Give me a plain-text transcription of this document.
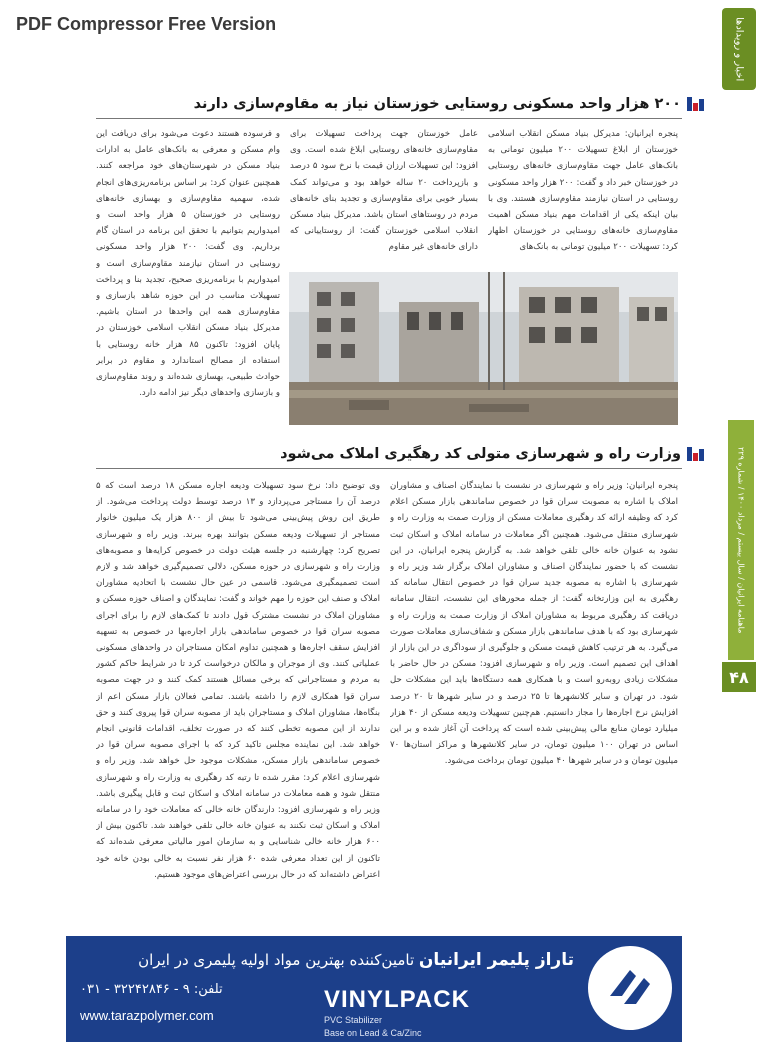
PDF Compressor Free Version	اخبار و رویدادها
ماهنامه ایرانیان / سال بیستم / مرداد ۱۴۰۰ / شماره ۲۲۹
۴۸
۲۰۰ هزار واحد مسکونی روستایی خوزستان نیاز به مقاوم‌سازی دارند

پنجره ایرانیان: مدیرکل بنیاد مسکن انقلاب اسلامی خوزستان از ابلاغ تسهیلات ۲۰۰ میلیون تومانی به بانک‌های عامل جهت مقاوم‌سازی خانه‌های روستایی در خوزستان خبر داد و گفت: ۲۰۰ هزار واحد مسکونی روستایی در استان نیازمند مقاوم‌سازی هستند. وی با بیان اینکه یکی از اقدامات مهم بنیاد مسکن اهمیت مقاوم‌سازی خانه‌های روستایی در خوزستان اظهار کرد: تسهیلات ۲۰۰ میلیون تومانی به بانک‌های

عامل خوزستان جهت پرداخت تسهیلات برای مقاوم‌سازی خانه‌های روستایی ابلاغ شده است. وی افزود: این تسهیلات ارزان قیمت با نرخ سود ۵ درصد و بازپرداخت ۲۰ ساله خواهد بود و می‌تواند کمک بسیار خوبی برای مقاوم‌سازی و تجدید بنای خانه‌های مردم در روستاهای استان باشد. مدیرکل بنیاد مسکن انقلاب اسلامی خوزستان گفت: از روستاییانی که دارای خانه‌های غیر مقاوم

و فرسوده هستند دعوت می‌شود برای دریافت این وام مسکن و معرفی به بانک‌های عامل به ادارات بنیاد مسکن در شهرستان‌های خود مراجعه کنند. همچنین عنوان کرد: بر اساس برنامه‌ریزی‌های انجام شده، سهمیه مقاوم‌سازی و بهسازی خانه‌های روستایی در خوزستان ۵ هزار واحد است و امیدواریم بتوانیم با تحقق این برنامه در استان گام برداریم. وی گفت: ۲۰۰ هزار واحد مسکونی روستایی در استان نیازمند مقاوم‌سازی است و امیدواریم با برنامه‌ریزی صحیح، تجدید بنا و پرداخت تسهیلات مناسب در این حوزه شاهد بازسازی و مقاوم‌سازی همه این واحدها در استان باشیم. مدیرکل بنیاد مسکن انقلاب اسلامی خوزستان در پایان افزود: تاکنون ۸۵ هزار خانه روستایی با استفاده از مصالح استاندارد و مقاوم در برابر حوادث طبیعی، بهسازی شده‌اند و روند مقاوم‌سازی و بازسازی واحدهای دیگر نیز ادامه دارد.

وزارت راه و شهرسازی متولی کد رهگیری املاک می‌شود

پنجره ایرانیان: وزیر راه و شهرسازی در نشست با نمایندگان اصناف و مشاوران املاک با اشاره به مصوبت سران قوا در خصوص ساماندهی بازار مسکن اعلام کرد که وظیفه ارائه کد رهگیری معاملات مسکن از وزارت صمت به وزارت راه و شهرسازی منتقل می‌شود. همچنین اگر معاملات در سامانه املاک و اسکان ثبت نشود به عنوان خانه خالی تلقی خواهد شد. به گزارش پنجره ایرانیان، در این نشست که با حضور نمایندگان اصناف و مشاوران املاک برگزار شد وزیر راه و شهرسازی با اشاره به مصوبه جدید سران قوا در خصوص انتقال سامانه کد رهگیری به این وزارتخانه گفت: از جمله محورهای این نشست، انتقال سامانه دریافت کد رهگیری مربوط به مشاوران املاک از وزارت صمت به وزارت راه و شهرسازی بود که با هدف ساماندهی بازار مسکن و شفاف‌سازی معاملات صورت می‌گیرد. به هر ترتیب کاهش قیمت مسکن و جلوگیری از سوداگری در این بازار از اهداف این تصمیم است. وزیر راه و شهرسازی افزود: مسکن در حال حاضر با مشکلات زیادی روبه‌رو است و با همکاری همه دستگاه‌ها باید این مشکلات حل شود. در تهران و سایر کلانشهرها تا ۲۵ درصد و در سایر شهرها تا ۲۰ درصد افزایش نرخ اجاره‌ها را مجاز دانستیم. هم‌چنین تسهیلات ودیعه مسکن از ۴۰ هزار میلیارد تومان منابع مالی پیش‌بینی شده است که پرداخت آن آغاز شده و بر این اساس در تهران ۱۰۰ میلیون تومان، در سایر کلانشهرها و مراکز استان‌ها ۷۰ میلیون تومان و در سایر شهرها ۴۰ میلیون تومان برداخت می‌شود.

وی توضیح داد: نرخ سود تسهیلات ودیعه اجاره مسکن ۱۸ درصد است که ۵ درصد آن را مستاجر می‌پردازد و ۱۳ درصد توسط دولت پرداخت می‌شود. از طریق این روش پیش‌بینی می‌شود تا بیش از ۸۰۰ هزار یک میلیون خانوار مستاجر از تسهیلات ودیعه مسکن بتوانند بهره ببرند. وزیر راه و شهرسازی تصریح کرد: چهارشنبه در جلسه هیئت دولت در خصوص کرایه‌ها و مصوبه‌های وزارت راه و شهرسازی در حوزه مسکن، دلالی تصمیم‌گیری خواهد شد و لازم است تصمیمگیری می‌شود. قاسمی در عین حال نشست با اتحادیه مشاوران املاک و صنف این حوزه را مهم خواند و گفت: نمایندگان و اصناف حوزه مسکن و مشاوران املاک در نشست مشترک قول دادند تا کمک‌های لازم را برای اجرای مصوبه سران قوا در خصوص ساماندهی بازار اجاره‌بها در خصوص به تسهیه افزایش سقف اجاره‌ها و همچنین تداوم امکان مستاجران در واحدهای مسکونی عملیاتی کنند. وی از موجران و مالکان درخواست کرد تا در شرایط حاکم کشور به مردم و مستاجرانی که برخی مسائل هستند کمک کنند و در جهت مصوبه سران قوا همکاری لازم را داشته باشند. تمامی فعالان بازار مسکن اعم از بنگاه‌ها، مشاوران املاک و مستاجران باید از مصوبه سران قوا پیروی کنند و حق ندارند از این مصوبه تخطی کنند که در صورت تخلف، اقدامات قانونی انجام خواهد شد. این نماینده مجلس تاکید کرد که با اجرای مصوبه سران قوا در خصوص ساماندهی بازار مسکن، مشکلات موجود حل خواهد شد. وزیر راه و شهرسازی اعلام کرد: مقرر شده تا رتبه کد رهگیری به وزارت راه و شهرسازی منتقل شود و همه معاملات در سامانه املاک و اسکان ثبت و قابل پیگیری باشد. وزیر راه و شهرسازی افزود: دارندگان خانه خالی که معاملات خود را در سامانه املاک و اسکان ثبت نکنند به عنوان خانه خالی تلقی خواهند شد. تاکنون بیش از ۶۰۰ هزار خانه خالی شناسایی و به سازمان امور مالیاتی معرفی شده‌اند که تاکنون از این تعداد معرفی شده ۶۰ هزار نفر نسبت به خالی بودن خانه خود اعتراض داشته‌اند که در حال بررسی اعتراض‌های موجود هستیم.

تاراز پلیمر ایرانیان تامین‌کننده بهترین مواد اولیه پلیمری در ایران
تلفن: ۹ - ۳۲۲۴۲۸۴۶ - ۰۳۱
www.tarazpolymer.com
VINYLPACK
PVC Stabilizer
Base on Lead & Ca/Zinc
